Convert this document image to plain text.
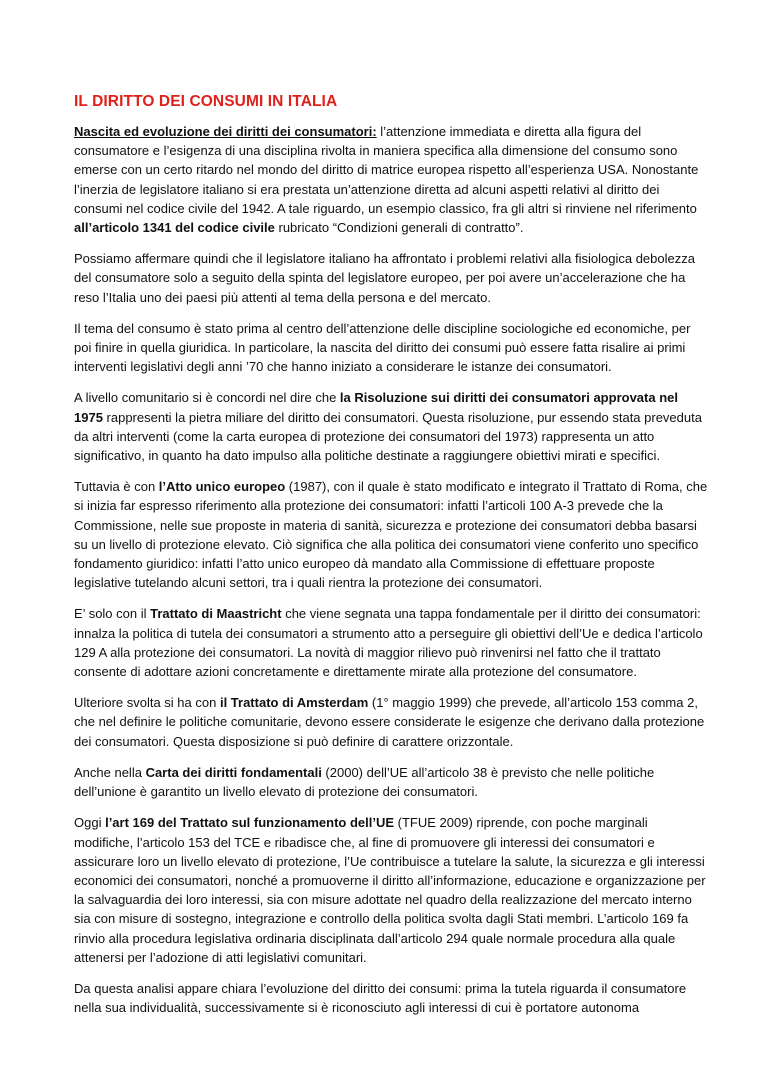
IL DIRITTO DEI CONSUMI IN ITALIA

Nascita ed evoluzione dei diritti dei consumatori: l’attenzione immediata e diretta alla figura del consumatore e l’esigenza di una disciplina rivolta in maniera specifica alla dimensione del consumo sono emerse con un certo ritardo nel mondo del diritto di matrice europea rispetto all’esperienza USA. Nonostante l’inerzia de legislatore italiano si era prestata un’attenzione diretta ad alcuni aspetti relativi al diritto dei consumi nel codice civile del 1942. A tale riguardo, un esempio classico, fra gli altri si rinviene nel riferimento all’articolo 1341 del codice civile rubricato “Condizioni generali di contratto”.

Possiamo affermare quindi che il legislatore italiano ha affrontato i problemi relativi alla fisiologica debolezza del consumatore solo a seguito della spinta del legislatore europeo, per poi avere un’accelerazione che ha reso l’Italia uno dei paesi più attenti al tema della persona e del mercato.

Il tema del consumo è stato prima al centro dell’attenzione delle discipline sociologiche ed economiche, per poi finire in quella giuridica. In particolare, la nascita del diritto dei consumi può essere fatta risalire ai primi interventi legislativi degli anni ’70 che hanno iniziato a considerare le istanze dei consumatori.

A livello comunitario si è concordi nel dire che la Risoluzione sui diritti dei consumatori approvata nel 1975 rappresenti la pietra miliare del diritto dei consumatori. Questa risoluzione, pur essendo stata preveduta da altri interventi (come la carta europea di protezione dei consumatori del 1973) rappresenta un atto significativo, in quanto ha dato impulso alla politiche destinate a raggiungere obiettivi mirati e specifici.

Tuttavia è con l’Atto unico europeo (1987), con il quale è stato modificato e integrato il Trattato di Roma, che si inizia far espresso riferimento alla protezione dei consumatori: infatti l’articoli 100 A-3 prevede che la Commissione, nelle sue proposte in materia di sanità, sicurezza e protezione dei consumatori debba basarsi su un livello di protezione elevato. Ciò significa che alla politica dei consumatori viene conferito uno specifico fondamento giuridico: infatti l’atto unico europeo dà mandato alla Commissione di effettuare proposte legislative tutelando alcuni settori, tra i quali rientra la protezione dei consumatori.

E’ solo con il Trattato di Maastricht che viene segnata una tappa fondamentale per il diritto dei consumatori: innalza la politica di tutela dei consumatori a strumento atto a perseguire gli obiettivi dell’Ue e dedica l’articolo 129 A alla protezione dei consumatori. La novità di maggior rilievo può rinvenirsi nel fatto che il trattato consente di adottare azioni concretamente e direttamente mirate alla protezione del consumatore.

Ulteriore svolta si ha con il Trattato di Amsterdam (1° maggio 1999) che prevede, all’articolo 153 comma 2, che nel definire le politiche comunitarie, devono essere considerate le esigenze che derivano dalla protezione dei consumatori. Questa disposizione si può definire di carattere orizzontale.

Anche nella Carta dei diritti fondamentali (2000) dell’UE all’articolo 38 è previsto che nelle politiche dell’unione è garantito un livello elevato di protezione dei consumatori.

Oggi l’art 169 del Trattato sul funzionamento dell’UE (TFUE 2009) riprende, con poche marginali modifiche, l’articolo 153 del TCE e ribadisce che, al fine di promuovere gli interessi dei consumatori e assicurare loro un livello elevato di protezione, l’Ue contribuisce a tutelare la salute, la sicurezza e gli interessi economici dei consumatori, nonché a promuoverne il diritto all’informazione, educazione e organizzazione per la salvaguardia dei loro interessi, sia con misure adottate nel quadro della realizzazione del mercato interno sia con misure di sostegno, integrazione e controllo della politica svolta dagli Stati membri. L’articolo 169 fa rinvio alla procedura legislativa ordinaria disciplinata dall’articolo 294 quale normale procedura alla quale attenersi per l’adozione di atti legislativi comunitari.

Da questa analisi appare chiara l’evoluzione del diritto dei consumi: prima la tutela riguarda il consumatore nella sua individualità, successivamente si è riconosciuto agli interessi di cui è portatore autonoma
